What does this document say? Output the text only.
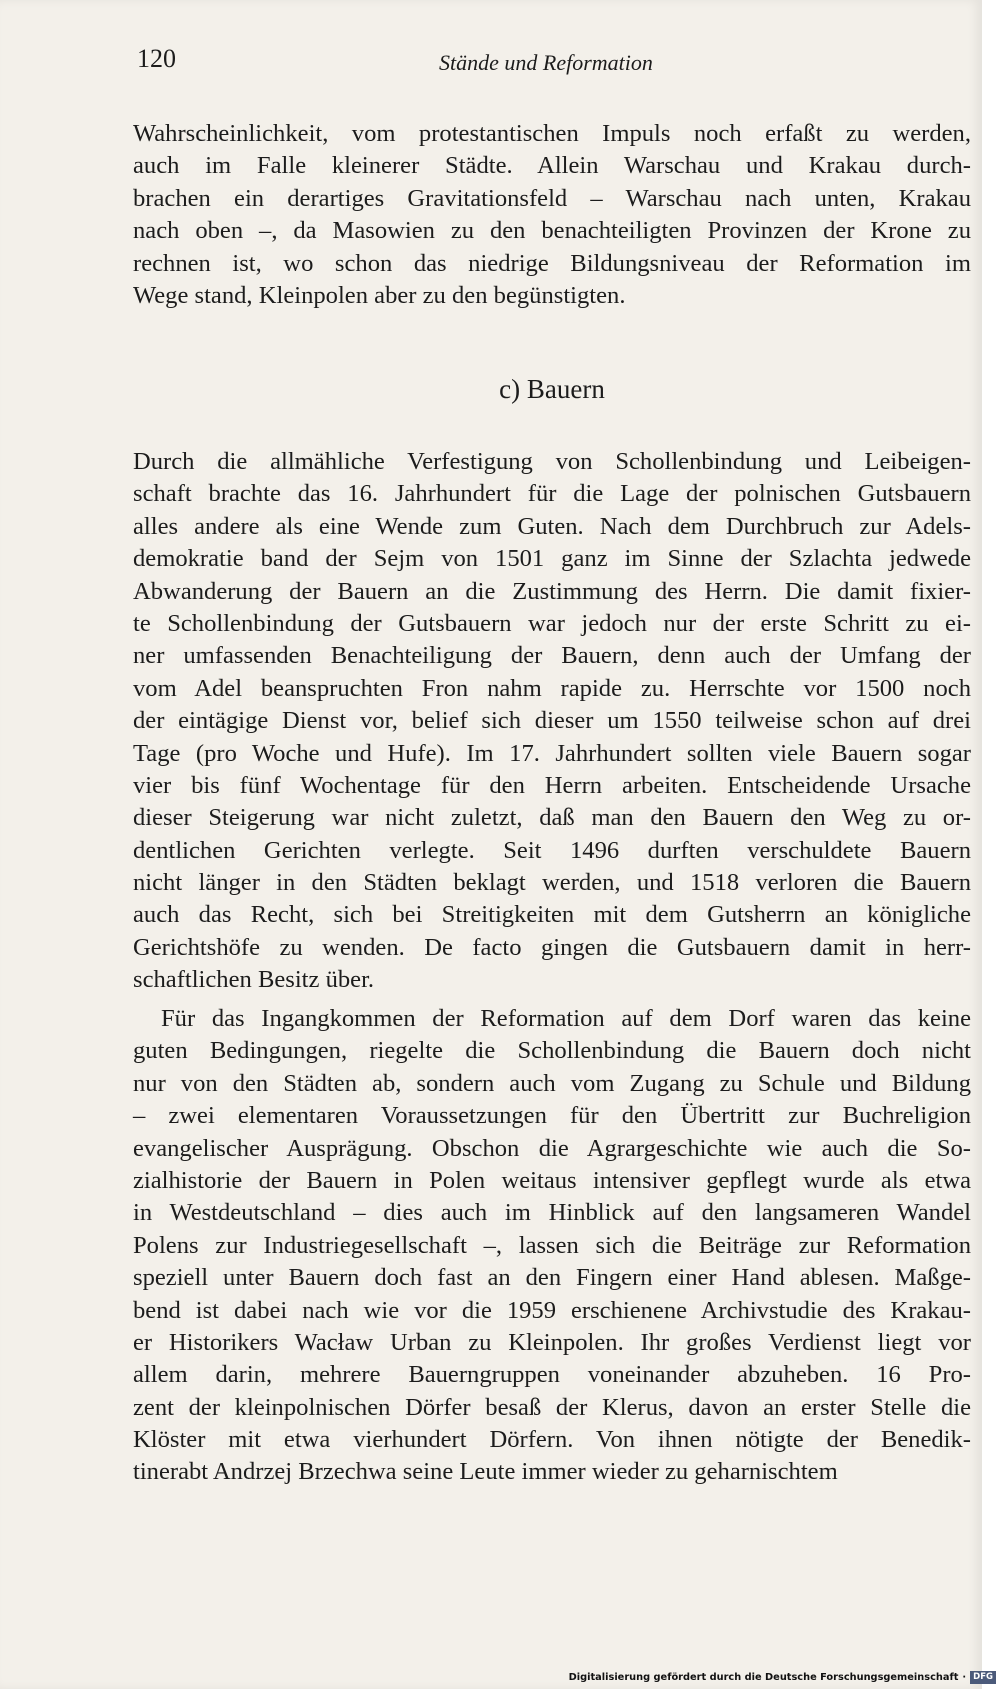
120	Stände und Reformation
Wahrscheinlichkeit, vom protestantischen Impuls noch erfaßt zu werden,
auch im Falle kleinerer Städte. Allein Warschau und Krakau durch-
brachen ein derartiges Gravitationsfeld – Warschau nach unten, Krakau
nach oben –, da Masowien zu den benachteiligten Provinzen der Krone zu
rechnen ist, wo schon das niedrige Bildungsniveau der Reformation im
Wege stand, Kleinpolen aber zu den begünstigten.
c) Bauern
Durch die allmähliche Verfestigung von Schollenbindung und Leibeigen-
schaft brachte das 16. Jahrhundert für die Lage der polnischen Gutsbauern
alles andere als eine Wende zum Guten. Nach dem Durchbruch zur Adels-
demokratie band der Sejm von 1501 ganz im Sinne der Szlachta jedwede
Abwanderung der Bauern an die Zustimmung des Herrn. Die damit fixier-
te Schollenbindung der Gutsbauern war jedoch nur der erste Schritt zu ei-
ner umfassenden Benachteiligung der Bauern, denn auch der Umfang der
vom Adel beanspruchten Fron nahm rapide zu. Herrschte vor 1500 noch
der eintägige Dienst vor, belief sich dieser um 1550 teilweise schon auf drei
Tage (pro Woche und Hufe). Im 17. Jahrhundert sollten viele Bauern sogar
vier bis fünf Wochentage für den Herrn arbeiten. Entscheidende Ursache
dieser Steigerung war nicht zuletzt, daß man den Bauern den Weg zu or-
dentlichen Gerichten verlegte. Seit 1496 durften verschuldete Bauern
nicht länger in den Städten beklagt werden, und 1518 verloren die Bauern
auch das Recht, sich bei Streitigkeiten mit dem Gutsherrn an königliche
Gerichtshöfe zu wenden. De facto gingen die Gutsbauern damit in herr-
schaftlichen Besitz über.
Für das Ingangkommen der Reformation auf dem Dorf waren das keine
guten Bedingungen, riegelte die Schollenbindung die Bauern doch nicht
nur von den Städten ab, sondern auch vom Zugang zu Schule und Bildung
– zwei elementaren Voraussetzungen für den Übertritt zur Buchreligion
evangelischer Ausprägung. Obschon die Agrargeschichte wie auch die So-
zialhistorie der Bauern in Polen weitaus intensiver gepflegt wurde als etwa
in Westdeutschland – dies auch im Hinblick auf den langsameren Wandel
Polens zur Industriegesellschaft –, lassen sich die Beiträge zur Reformation
speziell unter Bauern doch fast an den Fingern einer Hand ablesen. Maßge-
bend ist dabei nach wie vor die 1959 erschienene Archivstudie des Krakau-
er Historikers Wacław Urban zu Kleinpolen. Ihr großes Verdienst liegt vor
allem darin, mehrere Bauerngruppen voneinander abzuheben. 16 Pro-
zent der kleinpolnischen Dörfer besaß der Klerus, davon an erster Stelle die
Klöster mit etwa vierhundert Dörfern. Von ihnen nötigte der Benedik-
tinerabt Andrzej Brzechwa seine Leute immer wieder zu geharnischtem
Digitalisierung gefördert durch die Deutsche Forschungsgemeinschaft · DFG
